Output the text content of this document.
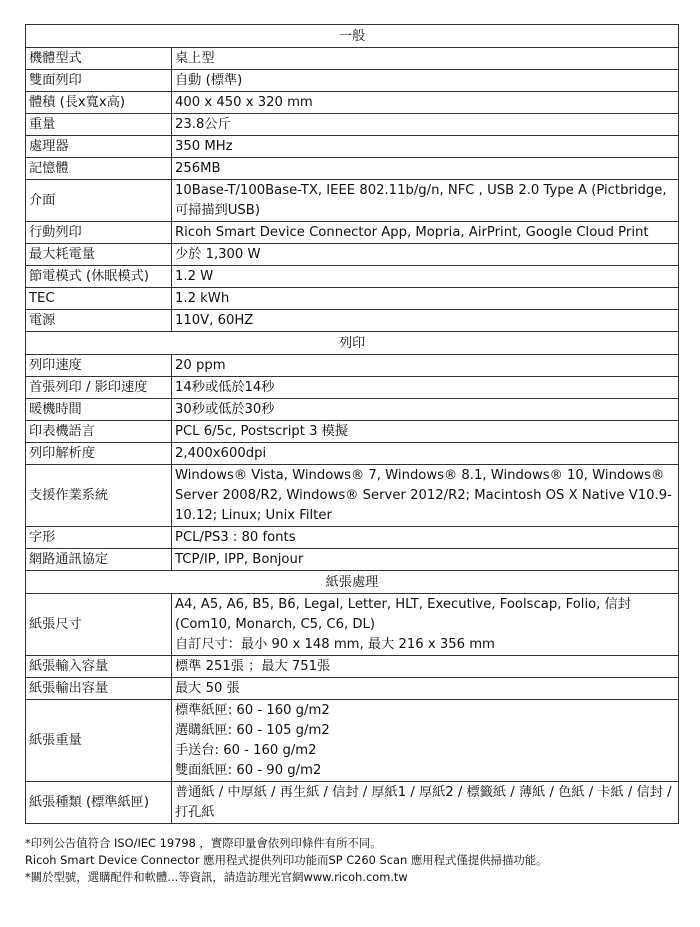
一般	
機體型式	桌上型

雙面列印	自動 (標準)

體積 (長x寬x高)	400 x 450 x 320 mm

重量	23.8公斤

處理器	350 MHz

記憶體	256MB

介面	10Base-T/100Base-TX, IEEE 802.11b/g/n, NFC , USB 2.0 Type A (Pictbridge, 可掃描到USB)

行動列印	Ricoh Smart Device Connector App, Mopria, AirPrint, Google Cloud Print

最大耗電量	少於 1,300 W

節電模式 (休眠模式)	1.2 W

TEC	1.2 kWh

電源	110V, 60HZ

列印	
列印速度	20 ppm

首張列印 / 影印速度	14秒或低於14秒

暖機時間	30秒或低於30秒

印表機語言	PCL 6/5c, Postscript 3 模擬

列印解析度	2,400x600dpi

支援作業系統	Windows® Vista, Windows® 7, Windows® 8.1, Windows® 10, Windows® Server 2008/R2, Windows® Server 2012/R2; Macintosh OS X Native V10.9-10.12; Linux; Unix Filter

字形	PCL/PS3 : 80 fonts

網路通訊協定	TCP/IP, IPP, Bonjour

紙張處理	
紙張尺寸	A4, A5, A6, B5, B6, Legal, Letter, HLT, Executive, Foolscap, Folio, 信封 (Com10, Monarch, C5, C6, DL)
自訂尺寸：最小 90 x 148 mm, 最大 216 x 356 mm

紙張輸入容量	標準 251張 ；最大 751張

紙張輸出容量	最大 50 張

紙張重量	標準紙匣: 60 - 160 g/m2
選購紙匣: 60 - 105 g/m2
手送台: 60 - 160 g/m2
雙面紙匣: 60 - 90 g/m2

紙張種類 (標準紙匣)	普通紙 / 中厚紙 / 再生紙 / 信封 / 厚紙1 / 厚紙2 / 標籤紙 / 薄紙 / 色紙 / 卡紙 / 信封 / 打孔紙
*印列公告值符合 ISO/IEC 19798 ，實際印量會依列印條件有所不同。
Ricoh Smart Device Connector 應用程式提供列印功能而SP C260 Scan 應用程式僅提供掃描功能。
*關於型號，選購配件和軟體...等資訊，請造訪理光官網www.ricoh.com.tw
